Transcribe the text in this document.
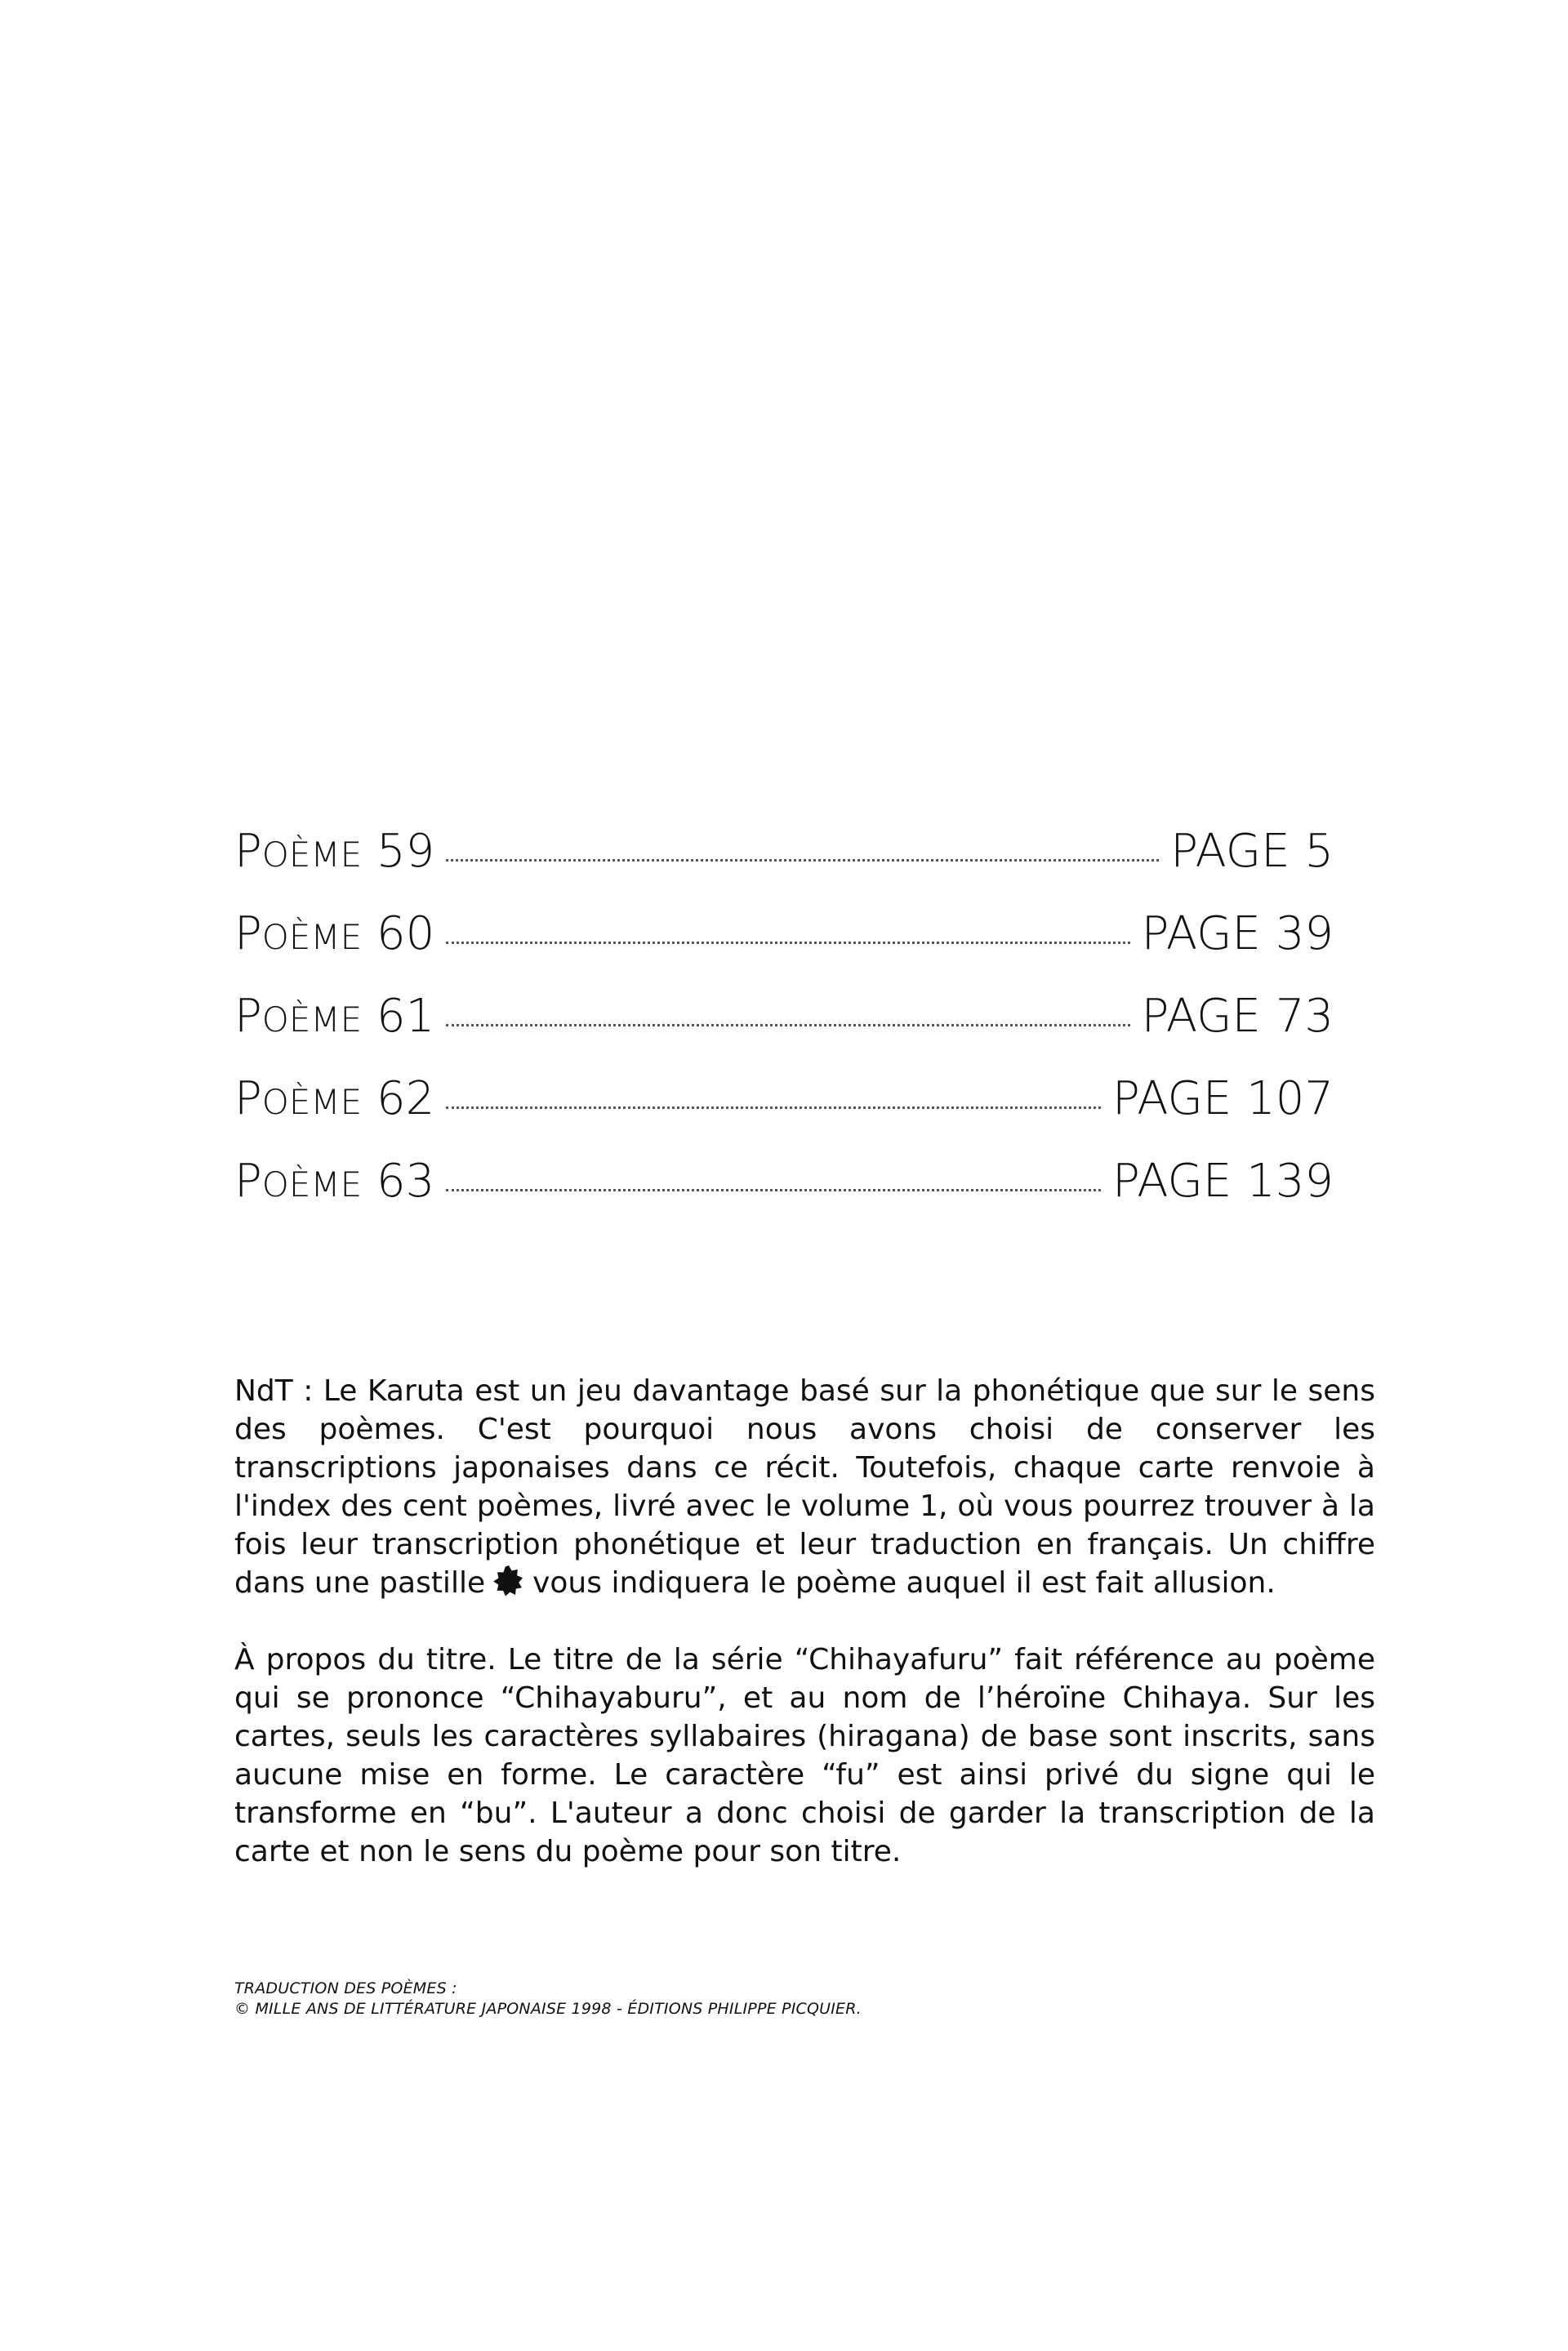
POÈME 59	PAGE 5
POÈME 60	PAGE 39
POÈME 61	PAGE 73
POÈME 62	PAGE 107
POÈME 63	PAGE 139

NdT : Le Karuta est un jeu davantage basé sur la phonétique que sur le sens des poèmes. C'est pourquoi nous avons choisi de conserver les transcriptions japonaises dans ce récit. Toutefois, chaque carte renvoie à l'index des cent poèmes, livré avec le volume 1, où vous pourrez trouver à la fois leur transcription phonétique et leur traduction en français. Un chiffre dans une pastille vous indiquera le poème auquel il est fait allusion.

À propos du titre. Le titre de la série “Chihayafuru” fait référence au poème qui se prononce “Chihayaburu”, et au nom de l’héroïne Chihaya. Sur les cartes, seuls les caractères syllabaires (hiragana) de base sont inscrits, sans aucune mise en forme. Le caractère “fu” est ainsi privé du signe qui le transforme en “bu”. L'auteur a donc choisi de garder la transcription de la carte et non le sens du poème pour son titre.

TRADUCTION DES POÈMES :
© MILLE ANS DE LITTÉRATURE JAPONAISE 1998 - ÉDITIONS PHILIPPE PICQUIER.
